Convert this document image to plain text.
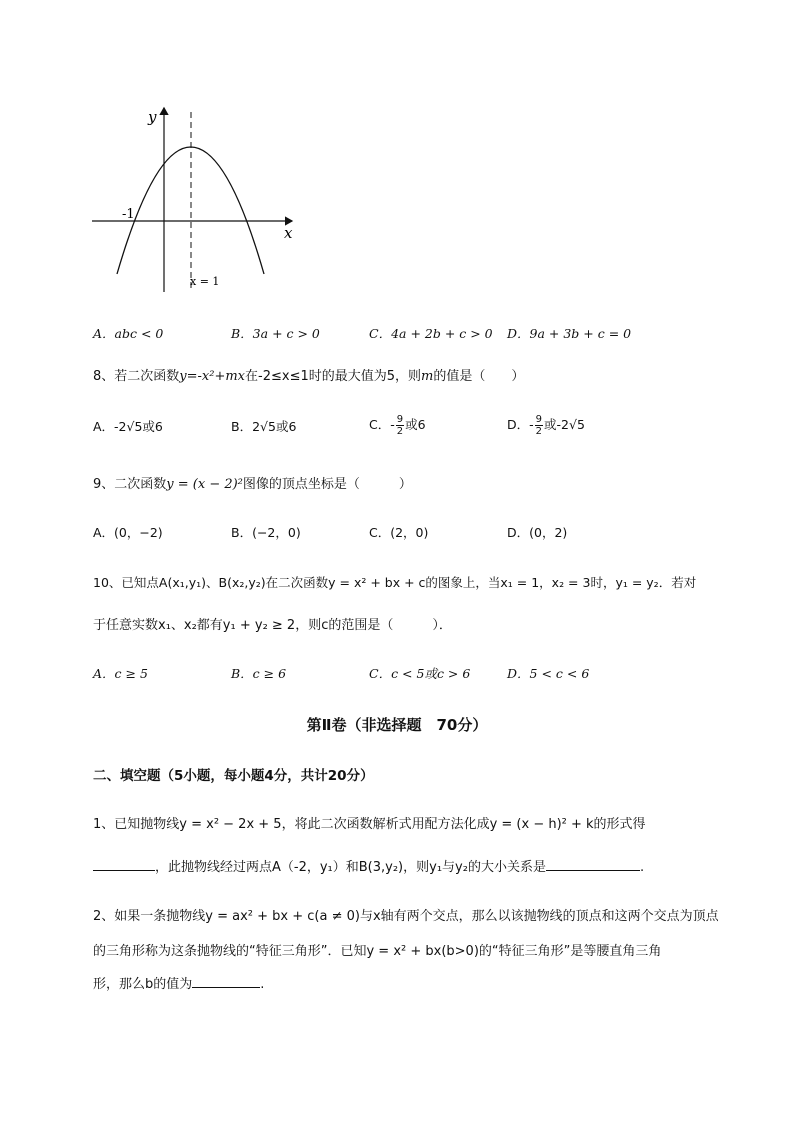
y
x
-1
x = 1
A．abc < 0	B．3a + c > 0	C．4a + 2b + c > 0 D．9a + 3b + c = 0
8、若二次函数y=-x²+mx在-2≤x≤1时的最大值为5，则m的值是（　　）
A．-2√5或6	B．2√5或6	C．- $\frac{9}{2}$ 或6	D．- $\frac{9}{2}$ 或-2√5
9、二次函数y = (x − 2)²图像的顶点坐标是（　　　）
A．(0，−2)	B．(−2，0)	C．(2，0)	D．(0，2)
10、已知点A(x₁,y₁)、B(x₂,y₂)在二次函数y = x² + bx + c的图象上，当x₁ = 1，x₂ = 3时，y₁ = y₂．若对
于任意实数x₁、x₂都有y₁ + y₂ ≥ 2，则c的范围是（　　　）．
A．c ≥ 5	B．c ≥ 6	C．c < 5或c > 6	D．5 < c < 6
第Ⅱ卷（非选择题　70分）
二、填空题（5小题，每小题4分，共计20分）
1、已知抛物线y = x² − 2x + 5，将此二次函数解析式用配方法化成y = (x − h)² + k的形式得
，此抛物线经过两点A（-2，y₁）和B(3,y₂)，则y₁与y₂的大小关系是	.
2、如果一条抛物线y = ax² + bx + c(a ≠ 0)与x轴有两个交点，那么以该抛物线的顶点和这两个交点为顶点
的三角形称为这条抛物线的“特征三角形”．已知y = x² + bx(b>0)的“特征三角形”是等腰直角三角
形，那么b的值为	.
